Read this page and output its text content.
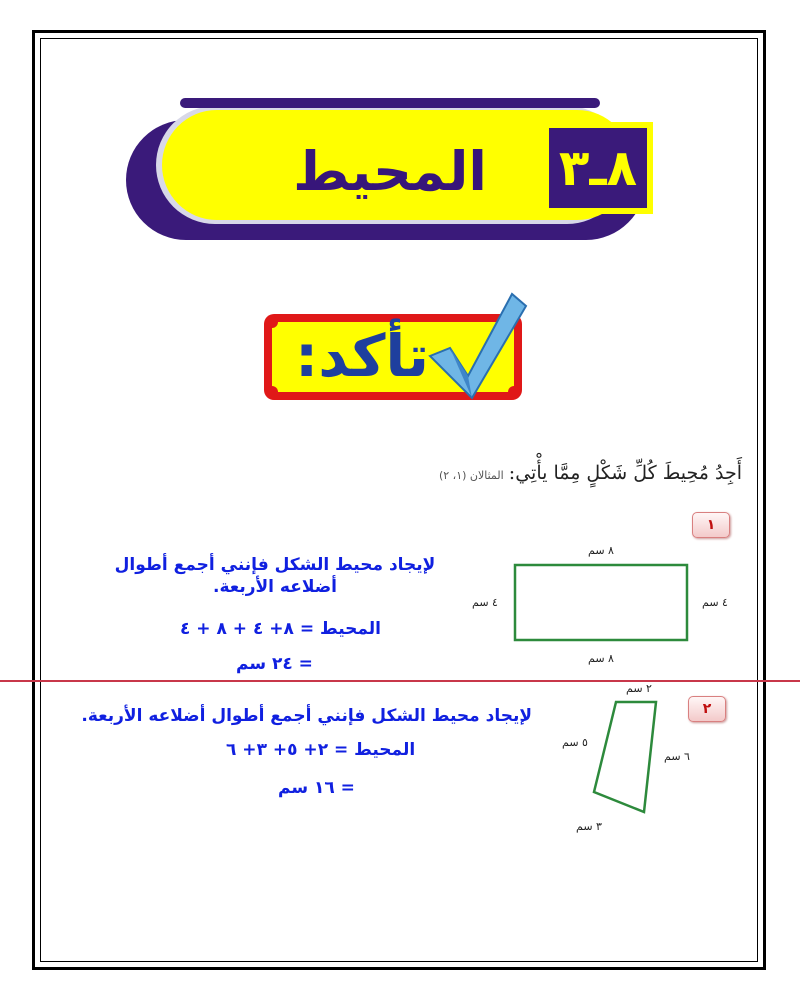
المحيط ٨ـ٣
تأكد:
أَجِدُ مُحِيطَ كُلِّ شَكْلٍ مِمَّا يأْتِي: المثالان (١، ٢)
١
٨ سم
٨ سم
٤ سم	٤ سم
لإيجاد محيط الشكل فإنني أجمع أطوال أضلاعه الأربعة.
المحيط = ٨+ ٤ + ٨ + ٤
= ٢٤ سم
٢
٢ سم
٥ سم
٦ سم
٣ سم
لإيجاد محيط الشكل فإنني أجمع أطوال أضلاعه الأربعة.
المحيط = ٢+ ٥+ ٣+ ٦
= ١٦ سم
